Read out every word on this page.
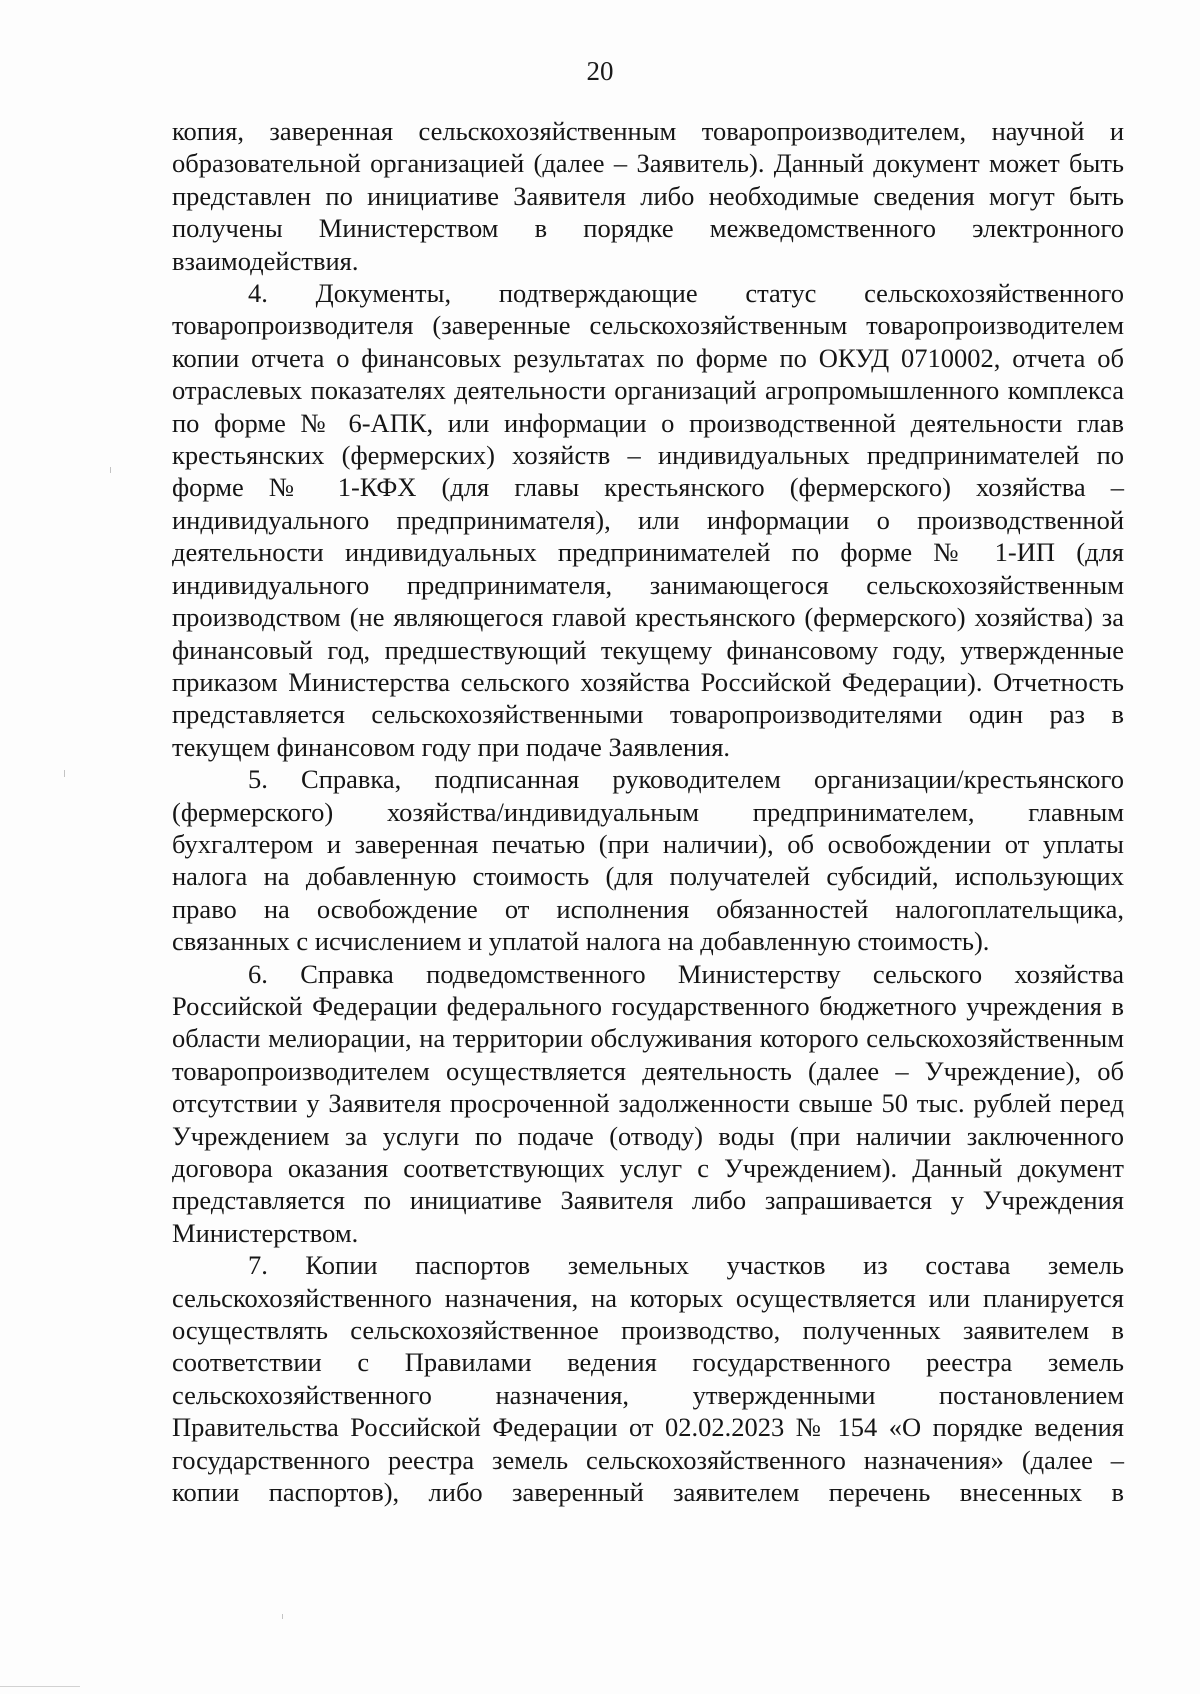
20

копия, заверенная сельскохозяйственным товаропроизводителем, научной и образовательной организацией (далее – Заявитель). Данный документ может быть представлен по инициативе Заявителя либо необходимые сведения могут быть получены Министерством в порядке межведомственного электронного взаимодействия.

4. Документы, подтверждающие статус сельскохозяйственного товаропроизводителя (заверенные сельскохозяйственным товаропроизводителем копии отчета о финансовых результатах по форме по ОКУД 0710002, отчета об отраслевых показателях деятельности организаций агропромышленного комплекса по форме № 6-АПК, или информации о производственной деятельности глав крестьянских (фермерских) хозяйств – индивидуальных предпринимателей по форме № 1-КФХ (для главы крестьянского (фермерского) хозяйства – индивидуального предпринимателя), или информации о производственной деятельности индивидуальных предпринимателей по форме № 1-ИП (для индивидуального предпринимателя, занимающегося сельскохозяйственным производством (не являющегося главой крестьянского (фермерского) хозяйства) за финансовый год, предшествующий текущему финансовому году, утвержденные приказом Министерства сельского хозяйства Российской Федерации). Отчетность представляется сельскохозяйственными товаропроизводителями один раз в текущем финансовом году при подаче Заявления.

5. Справка, подписанная руководителем организации/крестьянского (фермерского) хозяйства/индивидуальным предпринимателем, главным бухгалтером и заверенная печатью (при наличии), об освобождении от уплаты налога на добавленную стоимость (для получателей субсидий, использующих право на освобождение от исполнения обязанностей налогоплательщика, связанных с исчислением и уплатой налога на добавленную стоимость).

6. Справка подведомственного Министерству сельского хозяйства Российской Федерации федерального государственного бюджетного учреждения в области мелиорации, на территории обслуживания которого сельскохозяйственным товаропроизводителем осуществляется деятельность (далее – Учреждение), об отсутствии у Заявителя просроченной задолженности свыше 50 тыс. рублей перед Учреждением за услуги по подаче (отводу) воды (при наличии заключенного договора оказания соответствующих услуг с Учреждением). Данный документ представляется по инициативе Заявителя либо запрашивается у Учреждения Министерством.

7. Копии паспортов земельных участков из состава земель сельскохозяйственного назначения, на которых осуществляется или планируется осуществлять сельскохозяйственное производство, полученных заявителем в соответствии с Правилами ведения государственного реестра земель сельскохозяйственного назначения, утвержденными постановлением Правительства Российской Федерации от 02.02.2023 № 154 «О порядке ведения государственного реестра земель сельскохозяйственного назначения» (далее – копии паспортов), либо заверенный заявителем перечень внесенных в
